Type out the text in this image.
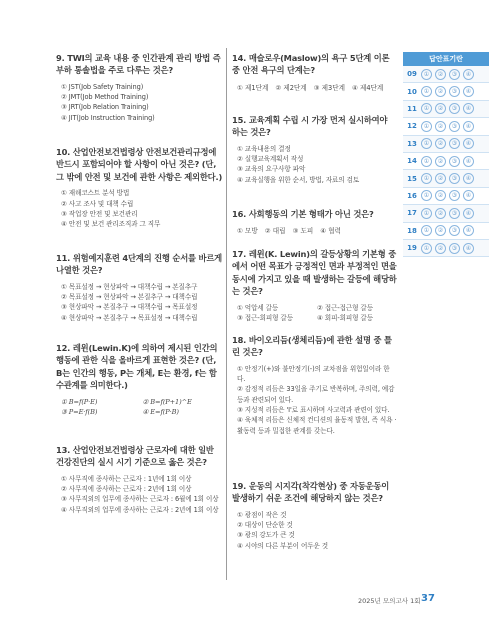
9. TWI의 교육 내용 중 인간관계 관리 방법 즉 부하 통솔법을 주로 다루는 것은?
① JST(Job Safety Training)
② JMT(Job Method Training)
③ JRT(Job Relation Training)
④ JIT(Job Instruction Training)
10. 산업안전보건법령상 안전보건관리규정에 반드시 포함되어야 할 사항이 아닌 것은? (단, 그 밖에 안전 및 보건에 관한 사항은 제외한다.)
① 재해코스트 분석 방법
② 사고 조사 및 대책 수립
③ 작업장 안전 및 보건관리
④ 안전 및 보건 관리조직과 그 직무
11. 위험예지훈련 4단계의 진행 순서를 바르게 나열한 것은?
① 목표설정 → 현상파악 → 대책수립 → 본질추구
② 목표설정 → 현상파악 → 본질추구 → 대책수립
③ 현상파악 → 본질추구 → 대책수립 → 목표설정
④ 현상파악 → 본질추구 → 목표설정 → 대책수립
12. 레윈(Lewin.K)에 의하여 제시된 인간의 행동에 관한 식을 올바르게 표현한 것은? (단, B는 인간의 행동, P는 개체, E는 환경, f는 함수관계를 의미한다.)
① B=f(P·E)	② B=f(P+1)^E
③ P=E·f(B)	④ E=f(P·B)
13. 산업안전보건법령상 근로자에 대한 일반 건강진단의 실시 시기 기준으로 옳은 것은?
① 사무직에 종사하는 근로자 : 1년에 1회 이상
② 사무직에 종사하는 근로자 : 2년에 1회 이상
③ 사무직외의 업무에 종사하는 근로자 : 6월에 1회 이상
④ 사무직외의 업무에 종사하는 근로자 : 2년에 1회 이상
14. 매슬로우(Maslow)의 욕구 5단계 이론 중 안전 욕구의 단계는?
① 제1단계 ② 제2단계 ③ 제3단계 ④ 제4단계
15. 교육계획 수립 시 가장 먼저 실시하여야 하는 것은?
① 교육내용의 결정
② 실행교육계획서 작성
③ 교육의 요구사항 파악
④ 교육실행을 위한 순서, 방법, 자료의 검토
16. 사회행동의 기본 형태가 아닌 것은?
① 모방 ② 대립 ③ 도피 ④ 협력
17. 레윈(K. Lewin)의 갈등상황의 기본형 중에서 어떤 목표가 긍정적인 면과 부정적인 면을 동시에 가지고 있을 때 발생하는 갈등에 해당하는 것은?
① 억압세 갈등	② 접근-접근형 갈등
③ 접근-회피형 갈등	④ 회피-회피형 갈등
18. 바이오리듬(생체리듬)에 관한 설명 중 틀린 것은?
① 안정기(+)와 불안정기(-)의 교차점을 위험일이라 한다.
② 감정적 리듬은 33일을 주기로 반복하며, 주의력, 예감 등과 관련되어 있다.
③ 지성적 리듬은 'I'로 표시하며 사고력과 관련이 있다.
④ 육체적 리듬은 신체적 컨디션의 율동적 발현, 즉 식욕 · 활동력 등과 밀접한 관계를 갖는다.
19. 운동의 시지각(착각현상) 중 자동운동이 발생하기 쉬운 조건에 해당하지 않는 것은?
① 광점이 작은 것
② 대상이 단순한 것
③ 광의 강도가 큰 것
④ 시야의 다른 부분이 어두운 것
답안표기란
09	①	②	③	④
10	①	②	③	④
11	①	②	③	④
12	①	②	③	④
13	①	②	③	④
14	①	②	③	④
15	①	②	③	④
16	①	②	③	④
17	①	②	③	④
18	①	②	③	④
19	①	②	③	④
2025년 모의고사 1회 37
